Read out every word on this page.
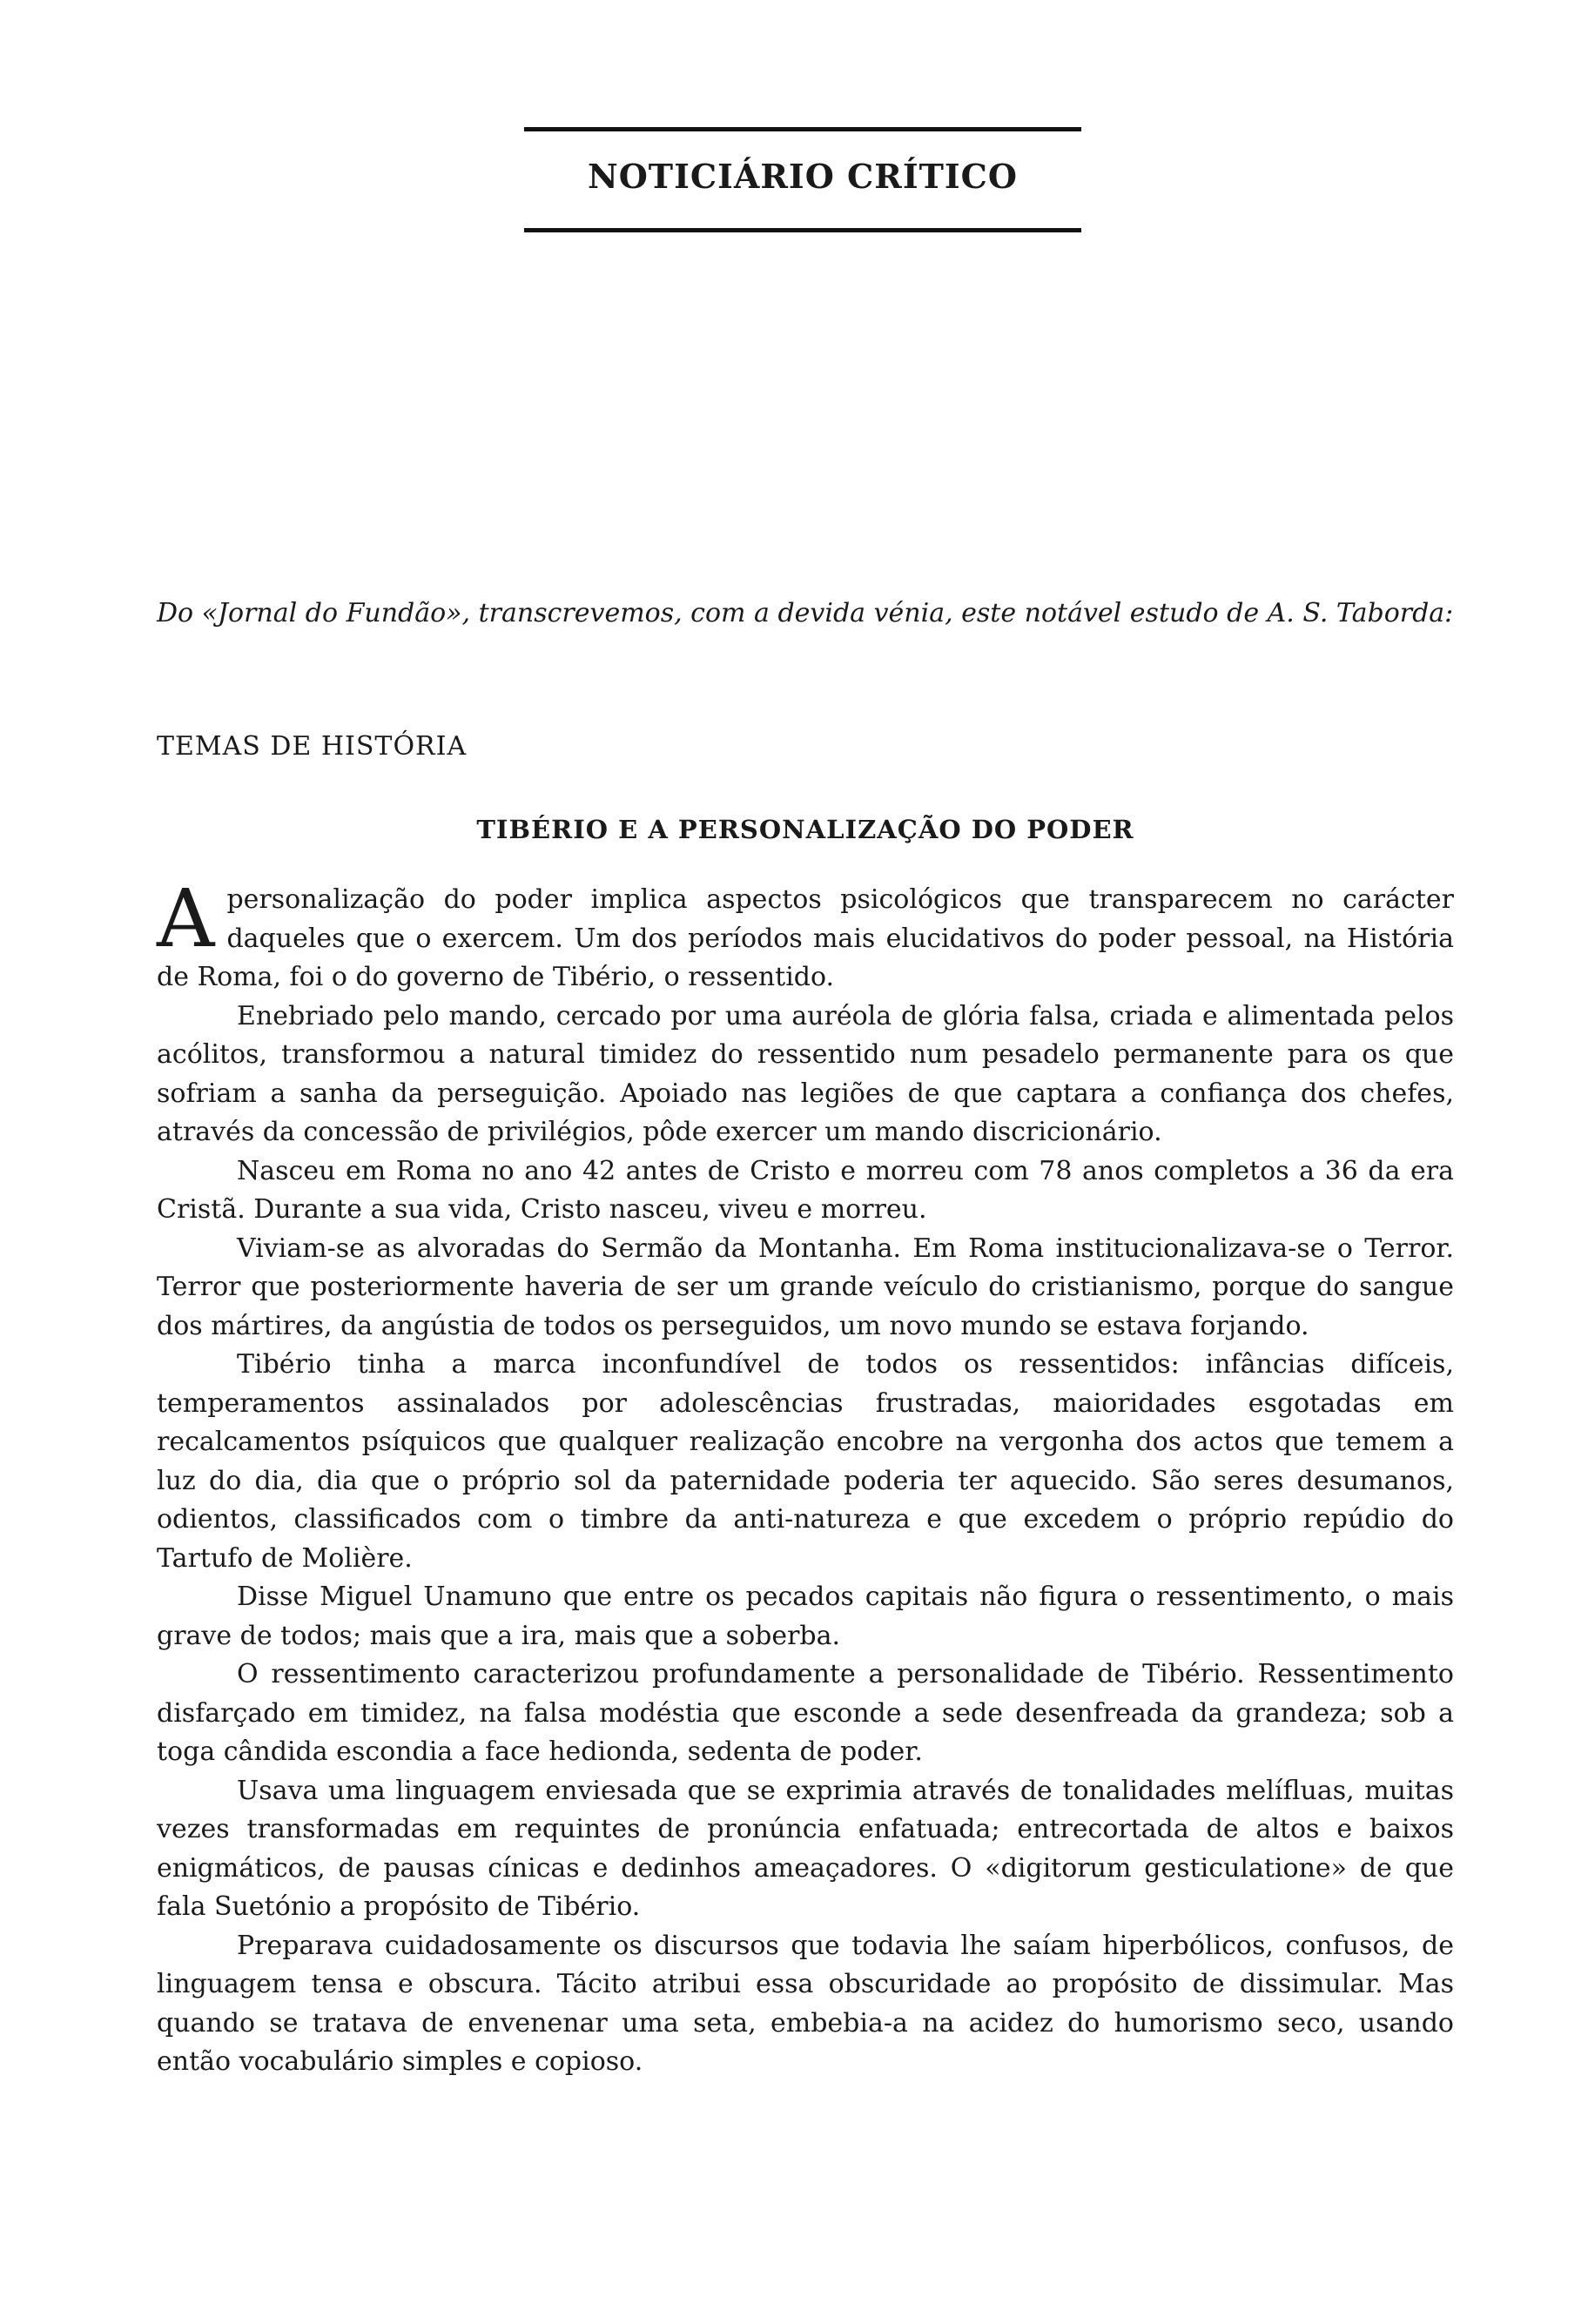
NOTICIÁRIO CRÍTICO

Do «Jornal do Fundão», transcrevemos, com a devida vénia, este notável estudo de A. S. Taborda:

TEMAS DE HISTÓRIA

TIBÉRIO E A PERSONALIZAÇÃO DO PODER

Apersonalização do poder implica aspectos psicológicos que transparecem no carácter daqueles que o exercem. Um dos períodos mais elucidativos do poder pessoal, na História de Roma, foi o do governo de Tibério, o ressentido.

Enebriado pelo mando, cercado por uma auréola de glória falsa, criada e alimentada pelos acólitos, transformou a natural timidez do ressentido num pesadelo permanente para os que sofriam a sanha da perseguição. Apoiado nas legiões de que captara a confiança dos chefes, através da concessão de privilégios, pôde exercer um mando discricionário.

Nasceu em Roma no ano 42 antes de Cristo e morreu com 78 anos completos a 36 da era Cristã. Durante a sua vida, Cristo nasceu, viveu e morreu.

Viviam-se as alvoradas do Sermão da Montanha. Em Roma institucionalizava-se o Terror. Terror que posteriormente haveria de ser um grande veículo do cristianismo, porque do sangue dos mártires, da angústia de todos os perseguidos, um novo mundo se estava forjando.

Tibério tinha a marca inconfundível de todos os ressentidos: infâncias difíceis, temperamentos assinalados por adolescências frustradas, maioridades esgotadas em recalcamentos psíquicos que qualquer realização encobre na vergonha dos actos que temem a luz do dia, dia que o próprio sol da paternidade poderia ter aquecido. São seres desumanos, odientos, classificados com o timbre da anti-natureza e que excedem o próprio repúdio do Tartufo de Molière.

Disse Miguel Unamuno que entre os pecados capitais não figura o ressentimento, o mais grave de todos; mais que a ira, mais que a soberba.

O ressentimento caracterizou profundamente a personalidade de Tibério. Ressentimento disfarçado em timidez, na falsa modéstia que esconde a sede desenfreada da grandeza; sob a toga cândida escondia a face hedionda, sedenta de poder.

Usava uma linguagem enviesada que se exprimia através de tonalidades melífluas, muitas vezes transformadas em requintes de pronúncia enfatuada; entrecortada de altos e baixos enigmáticos, de pausas cínicas e dedinhos ameaçadores. O «digitorum gesticulatione» de que fala Suetónio a propósito de Tibério.

Preparava cuidadosamente os discursos que todavia lhe saíam hiperbólicos, confusos, de linguagem tensa e obscura. Tácito atribui essa obscuridade ao propósito de dissimular. Mas quando se tratava de envenenar uma seta, embebia-a na acidez do humorismo seco, usando então vocabulário simples e copioso.
